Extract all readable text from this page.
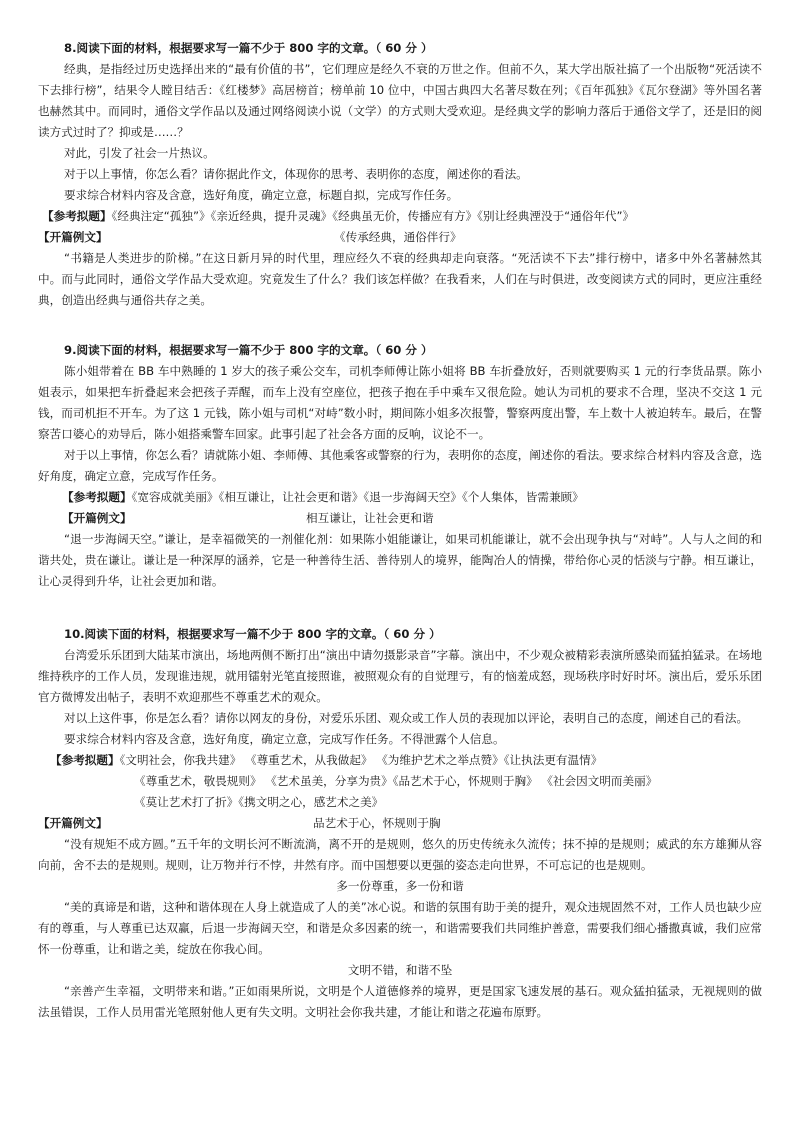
8.阅读下面的材料，根据要求写一篇不少于 800 字的文章。（ 60 分 ）

经典，是指经过历史选择出来的“最有价值的书”，它们理应是经久不衰的万世之作。但前不久，某大学出版社搞了一个出版物“死活读不下去排行榜”，结果令人瞠目结舌：《红楼梦》高居榜首；榜单前 10 位中，中国古典四大名著尽数在列；《百年孤独》《瓦尔登湖》等外国名著也赫然其中。而同时，通俗文学作品以及通过网络阅读小说（文学）的方式则大受欢迎。是经典文学的影响力落后于通俗文学了，还是旧的阅读方式过时了？抑或是……？

对此，引发了社会一片热议。

对于以上事情，你怎么看？请你据此作文，体现你的思考、表明你的态度，阐述你的看法。

要求综合材料内容及含意，选好角度，确定立意，标题自拟，完成写作任务。

【参考拟题】《经典注定“孤独”》《亲近经典，提升灵魂》《经典虽无价，传播应有方》《别让经典湮没于“通俗年代”》

【开篇例文】	《传承经典，通俗伴行》

“书籍是人类进步的阶梯。”在这日新月异的时代里，理应经久不衰的经典却走向衰落。“死活读不下去”排行榜中，诸多中外名著赫然其中。而与此同时，通俗文学作品大受欢迎。究竟发生了什么？我们该怎样做？在我看来，人们在与时俱进，改变阅读方式的同时，更应注重经典，创造出经典与通俗共存之美。

9.阅读下面的材料，根据要求写一篇不少于 800 字的文章。（ 60 分 ）

陈小姐带着在 BB 车中熟睡的 1 岁大的孩子乘公交车，司机李师傅让陈小姐将 BB 车折叠放好，否则就要购买 1 元的行李货品票。陈小姐表示，如果把车折叠起来会把孩子弄醒，而车上没有空座位，把孩子抱在手中乘车又很危险。她认为司机的要求不合理，坚决不交这 1 元钱，而司机拒不开车。为了这 1 元钱，陈小姐与司机“对峙”数小时，期间陈小姐多次报警，警察两度出警，车上数十人被迫转车。最后，在警察苦口婆心的劝导后，陈小姐搭乘警车回家。此事引起了社会各方面的反响，议论不一。

对于以上事情，你怎么看？请就陈小姐、李师傅、其他乘客或警察的行为，表明你的态度，阐述你的看法。要求综合材料内容及含意，选好角度，确定立意，完成写作任务。

【参考拟题】《宽容成就美丽》《相互谦让，让社会更和谐》《退一步海阔天空》《个人集体，皆需兼顾》

【开篇例文】	相互谦让，让社会更和谐

“退一步海阔天空。”谦让，是幸福微笑的一剂催化剂：如果陈小姐能谦让，如果司机能谦让，就不会出现争执与“对峙”。人与人之间的和谐共处，贵在谦让。谦让是一种深厚的涵养，它是一种善待生活、善待别人的境界，能陶冶人的情操，带给你心灵的恬淡与宁静。相互谦让，让心灵得到升华，让社会更加和谐。

10.阅读下面的材料，根据要求写一篇不少于 800 字的文章。（ 60 分 ）

台湾爱乐乐团到大陆某市演出，场地两侧不断打出“演出中请勿摄影录音”字幕。演出中，不少观众被精彩表演所感染而猛拍猛录。在场地维持秩序的工作人员，发现谁违规，就用镭射光笔直接照谁，被照观众有的自觉理亏，有的恼羞成怒，现场秩序时好时坏。演出后，爱乐乐团官方微博发出帖子，表明不欢迎那些不尊重艺术的观众。

对以上这件事，你是怎么看？请你以网友的身份，对爱乐乐团、观众或工作人员的表现加以评论，表明自己的态度，阐述自己的看法。

要求综合材料内容及含意，选好角度，确定立意，完成写作任务。不得泄露个人信息。

【参考拟题】《文明社会，你我共建》 《尊重艺术，从我做起》 《为维护艺术之举点赞》《让执法更有温情》

《尊重艺术，敬畏规则》 《艺术虽美，分享为贵》《品艺术于心，怀规则于胸》 《社会因文明而美丽》

《莫让艺术打了折》《携文明之心，感艺术之美》

【开篇例文】	品艺术于心，怀规则于胸

“没有规矩不成方圆。”五千年的文明长河不断流淌，离不开的是规则，悠久的历史传统永久流传；抹不掉的是规则；威武的东方雄狮从容向前，舍不去的是规则。规则，让万物并行不悖，井然有序。而中国想要以更强的姿态走向世界，不可忘记的也是规则。

多一份尊重，多一份和谐

“美的真谛是和谐，这种和谐体现在人身上就造成了人的美”冰心说。和谐的氛围有助于美的提升，观众违规固然不对，工作人员也缺少应有的尊重，与人尊重已达双赢，后退一步海阔天空，和谐是众多因素的统一，和谐需要我们共同维护善意，需要我们细心播撒真诚，我们应常怀一份尊重，让和谐之美，绽放在你我心间。

文明不错，和谐不坠

“亲善产生幸福，文明带来和谐。”正如雨果所说，文明是个人道德修养的境界，更是国家飞速发展的基石。观众猛拍猛录，无视规则的做法虽错误，工作人员用雷光笔照射他人更有失文明。文明社会你我共建，才能让和谐之花遍布原野。
